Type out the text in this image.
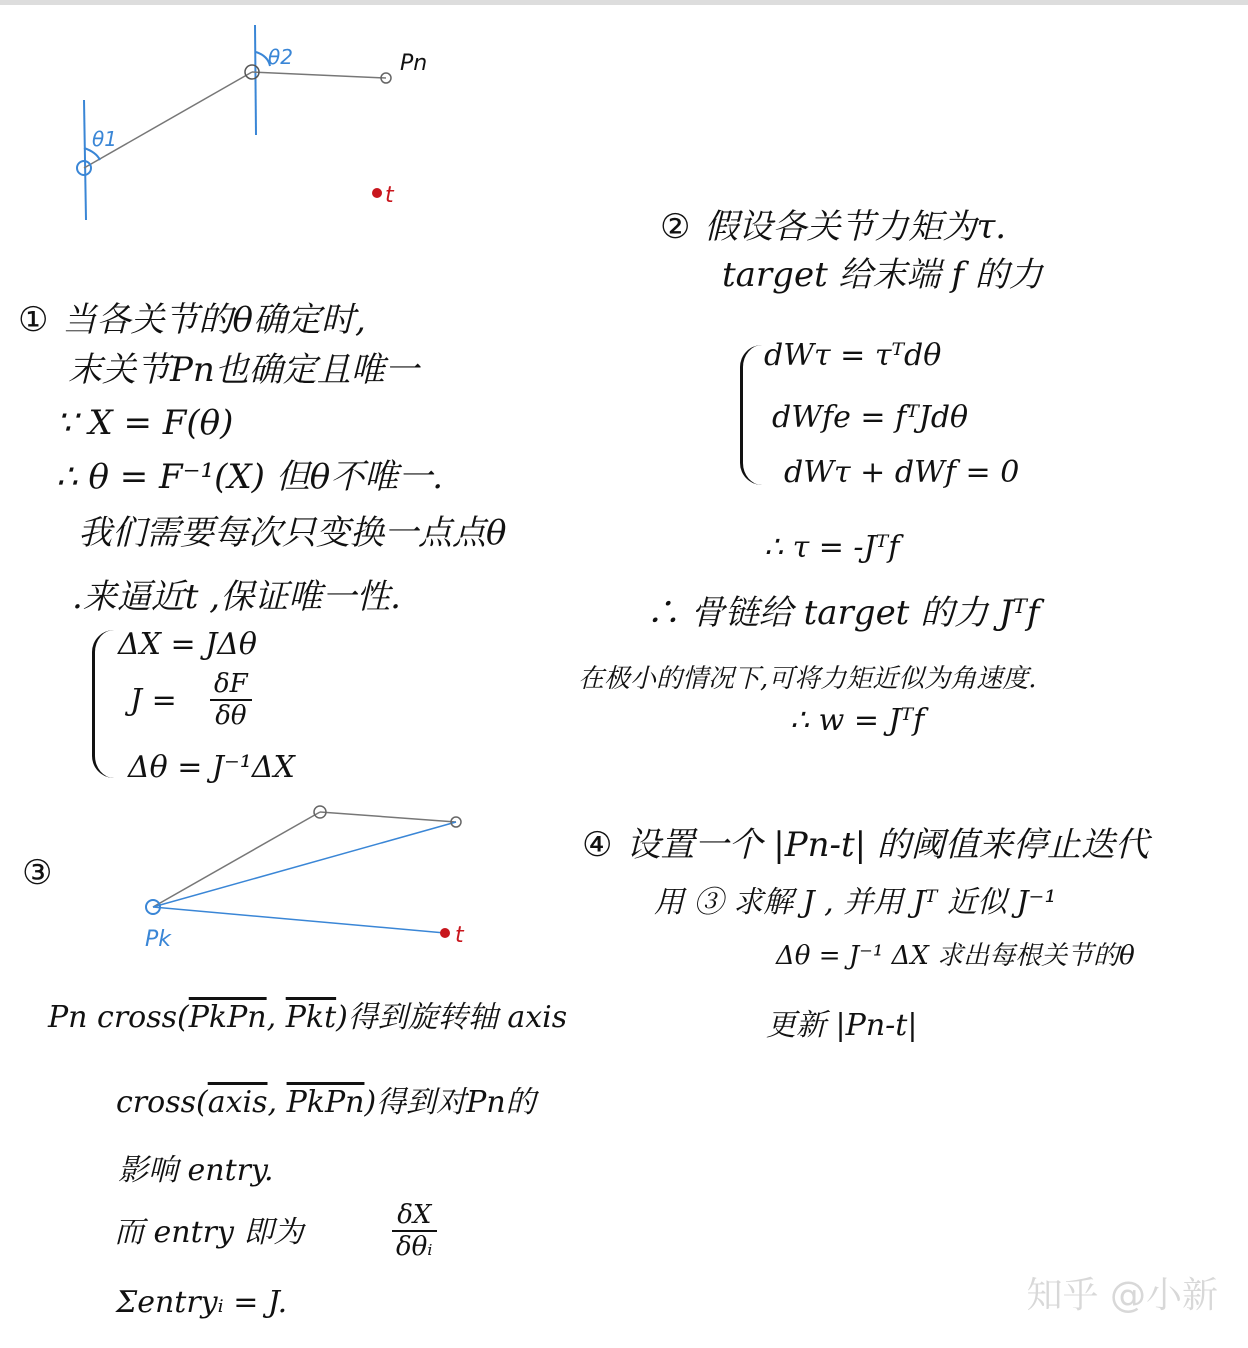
θ1
θ2	Pn
t
① 当各关节的θ确定时,
末关节Pn也确定且唯一
∵ X = F(θ)
∴ θ = F⁻¹(X) 但θ不唯一.
我们需要每次只变换一点点θ
.来逼近t ,保证唯一性.
ΔX = JΔθ
$J = \frac{\delta F}{\delta\theta}$
Δθ = J⁻¹ΔX
③
Pk	t
Pn cross(PkPn, $\overline{Pkt}$)得到旋转轴 axis
cross(axis, PkPn)得到对Pn的
影响 entry.
而 entry 即为	δX
δθᵢ
Σentryᵢ = J.
② 假设各关节力矩为τ.
target 给末端 f 的力
dWτ = τᵀdθ
dWfe = fᵀJdθ
dWτ + dWf = 0
∴ τ = -Jᵀf
∴ 骨链给 target 的力 Jᵀf
在极小的情况下,可将力矩近似为角速度.
∴ w = Jᵀf
④ 设置一个 |Pn-t| 的阈值来停止迭代
用 ③ 求解 J , 并用 Jᵀ 近似 J⁻¹
Δθ = J⁻¹ ΔX 求出每根关节的θ
更新 |Pn-t|
知乎 @小新
